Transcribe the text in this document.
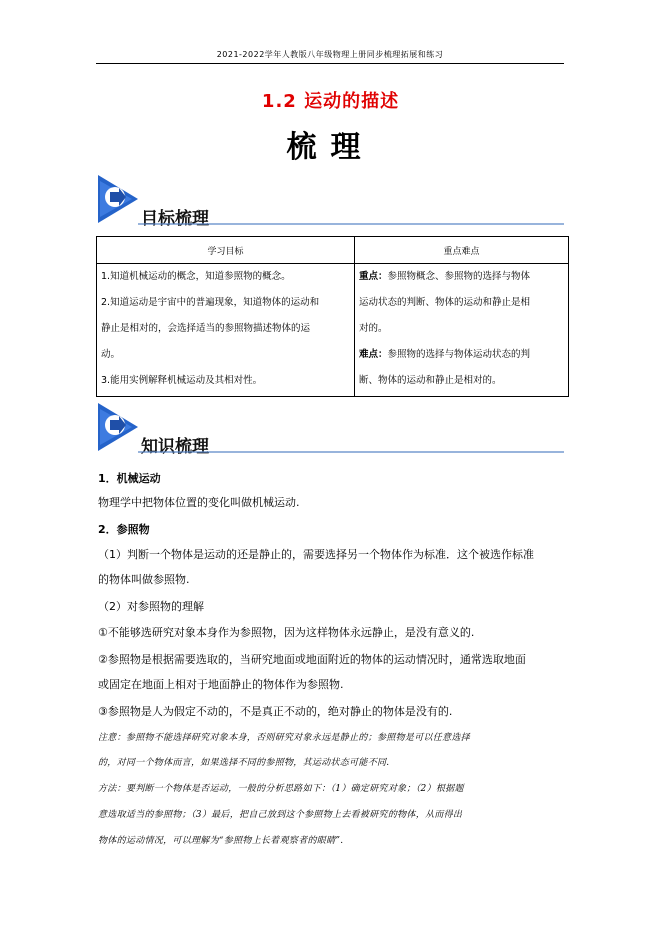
2021-2022学年人教版八年级物理上册同步梳理拓展和练习
1.2 运动的描述
梳理
目标梳理
学习目标	重点难点

1.知道机械运动的概念，知道参照物的概念。
2.知道运动是宇宙中的普遍现象，知道物体的运动和
静止是相对的，会选择适当的参照物描述物体的运
动。
3.能用实例解释机械运动及其相对性。	重点：参照物概念、参照物的选择与物体
运动状态的判断、物体的运动和静止是相
对的。
难点：参照物的选择与物体运动状态的判
断、物体的运动和静止是相对的。
知识梳理
1．机械运动
物理学中把物体位置的变化叫做机械运动.
2．参照物
（1）判断一个物体是运动的还是静止的，需要选择另一个物体作为标准．这个被选作标准
的物体叫做参照物.
（2）对参照物的理解
①不能够选研究对象本身作为参照物，因为这样物体永远静止，是没有意义的.
②参照物是根据需要选取的，当研究地面或地面附近的物体的运动情况时，通常选取地面
或固定在地面上相对于地面静止的物体作为参照物.
③参照物是人为假定不动的，不是真正不动的，绝对静止的物体是没有的.
注意：参照物不能选择研究对象本身，否则研究对象永远是静止的；参照物是可以任意选择
的，对同一个物体而言，如果选择不同的参照物，其运动状态可能不同.
方法：要判断一个物体是否运动，一般的分析思路如下：（1）确定研究对象；（2）根据题
意选取适当的参照物；（3）最后，把自己放到这个参照物上去看被研究的物体，从而得出
物体的运动情况，可以理解为“参照物上长着观察者的眼睛”.
